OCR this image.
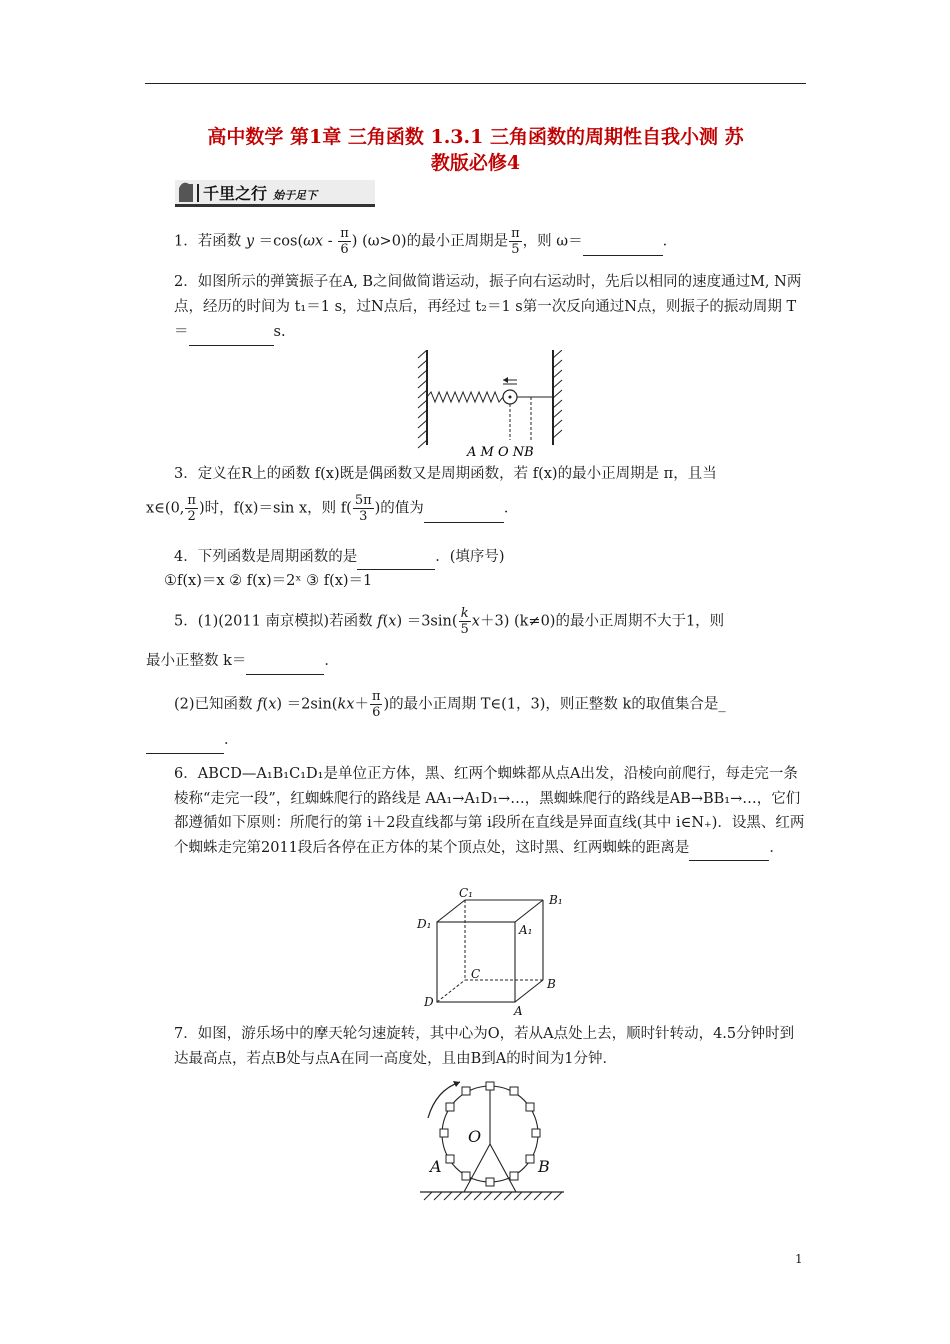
高中数学 第1章 三角函数 1.3.1 三角函数的周期性自我小测 苏
教版必修4
千里之行 始于足下
1．若函数 $y =\cos(\omega x - \frac{\pi}{6}$ ) (ω>0)的最小正周期是 $\frac{\pi}{5}$ ，则 ω＝	．
2．如图所示的弹簧振子在A, B之间做简谐运动，振子向右运动时，先后以相同的速度通过M, N两点，经历的时间为 t₁＝1 s，过N点后，再经过 t₂＝1 s第一次反向通过N点，则振子的振动周期 T＝	s.
A M O NB
3．定义在R上的函数 f(x)既是偶函数又是周期函数，若 f(x)的最小正周期是 π，且当
x∈(0, $\frac{\pi}{2}$ )时，f(x)＝sin x，则 $f( \frac{5\pi}{3}$ )的值为	．
4．下列函数是周期函数的是	．(填序号)
①f(x)＝x ② f(x)＝2ˣ ③ f(x)＝1
5．(1)(2011 南京模拟)若函数 $f(x) =3\sin( \frac{k}{5} x+3)$ (k≠0)的最小正周期不大于1，则
最小正整数 k＝	．
(2)已知函数 $f(x) =2\sin(kx+ \frac{\pi}{6}$ )的最小正周期 T∈(1，3)，则正整数 k的取值集合是_
．
6．ABCD—A₁B₁C₁D₁是单位正方体，黑、红两个蜘蛛都从点A出发，沿棱向前爬行，每走完一条棱称“走完一段”，红蜘蛛爬行的路线是 AA₁→A₁D₁→…，黑蜘蛛爬行的路线是AB→BB₁→…，它们都遵循如下原则：所爬行的第 i＋2段直线都与第 i段所在直线是异面直线(其中 i∈N₊)．设黑、红两个蜘蛛走完第2011段后各停在正方体的某个顶点处，这时黑、红两蜘蛛的距离是	．
C₁	B₁
D₁	A₁
C
B
D
A
7．如图，游乐场中的摩天轮匀速旋转，其中心为O，若从A点处上去，顺时针转动，4.5分钟时到达最高点，若点B处与点A在同一高度处，且由B到A的时间为1分钟．
O
A	B
1
